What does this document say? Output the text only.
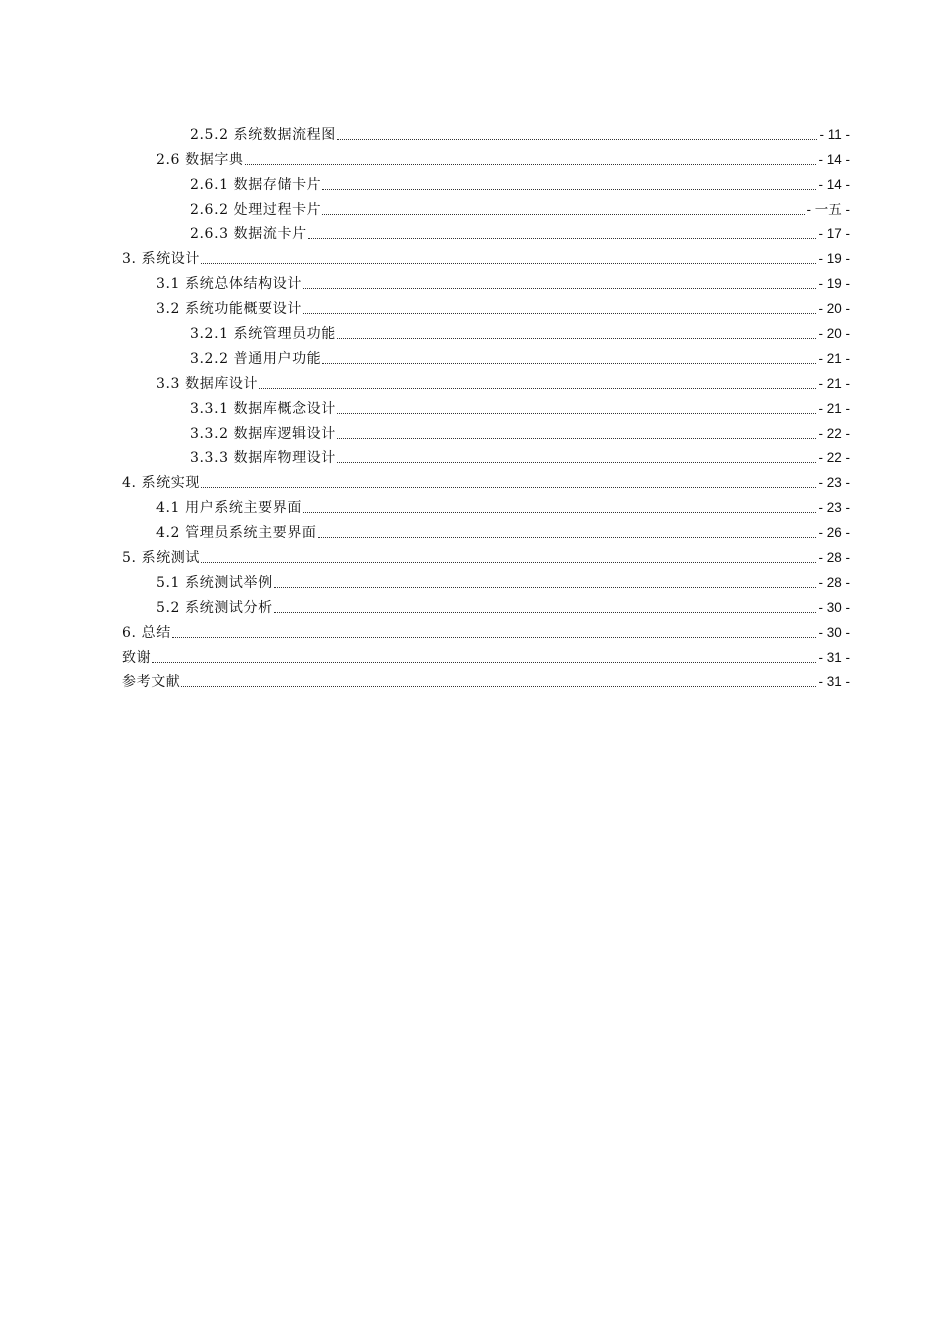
2.5.2 系统数据流程图	- 11 -
2.6 数据字典	- 14 -
2.6.1 数据存储卡片	- 14 -
2.6.2 处理过程卡片	- 一五 -
2.6.3 数据流卡片	- 17 -
3. 系统设计	- 19 -
3.1 系统总体结构设计	- 19 -
3.2 系统功能概要设计	- 20 -
3.2.1 系统管理员功能	- 20 -
3.2.2 普通用户功能	- 21 -
3.3 数据库设计	- 21 -
3.3.1 数据库概念设计	- 21 -
3.3.2 数据库逻辑设计	- 22 -
3.3.3 数据库物理设计	- 22 -
4. 系统实现	- 23 -
4.1 用户系统主要界面	- 23 -
4.2 管理员系统主要界面	- 26 -
5. 系统测试	- 28 -
5.1 系统测试举例	- 28 -
5.2 系统测试分析	- 30 -
6. 总结	- 30 -
致谢	- 31 -
参考文献	- 31 -
